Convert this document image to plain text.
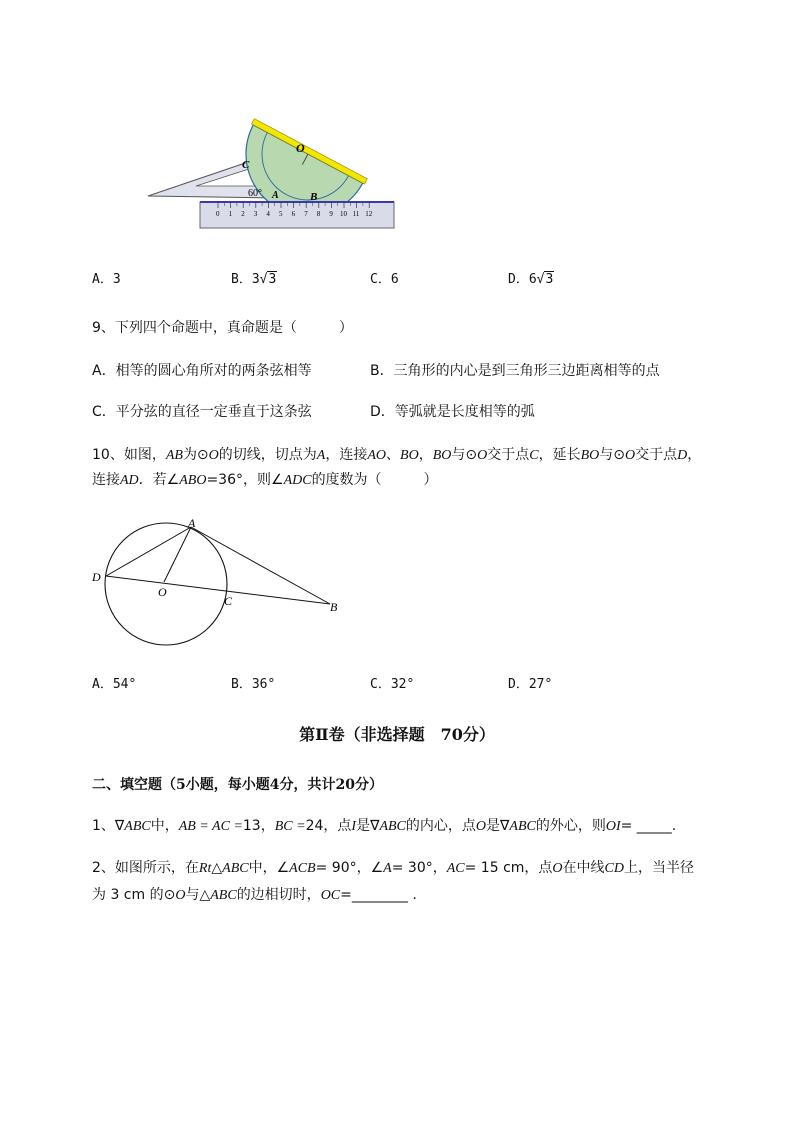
0 1 2 3 4 5 6 7 8 9 10 11 12
O
C
60° A	B
A．3	B．3√3	C．6	D．6√3
9、下列四个命题中，真命题是（　　　）
A．相等的圆心角所对的两条弦相等	B．三角形的内心是到三角形三边距离相等的点
C．平分弦的直径一定垂直于这条弦	D．等弧就是长度相等的弧
10、如图，AB为⊙O的切线，切点为A，连接AO、BO，BO与⊙O交于点C，延长BO与⊙O交于点D，
连接AD．若∠ABO=36°，则∠ADC的度数为（　　　）
A
D
O
C	B
A．54°	B．36°	C．32°	D．27°
第Ⅱ卷（非选择题　70分）
二、填空题（5小题，每小题4分，共计20分）
1、∇ABC中，AB = AC =13，BC =24，点I是∇ABC的内心，点O是∇ABC的外心，则OI= _____.
2、如图所示，在Rt△ABC中，∠ACB= 90°，∠A= 30°，AC= 15 cm，点O在中线CD上，当半径
为 3 cm 的⊙O与△ABC的边相切时，OC=________ .
